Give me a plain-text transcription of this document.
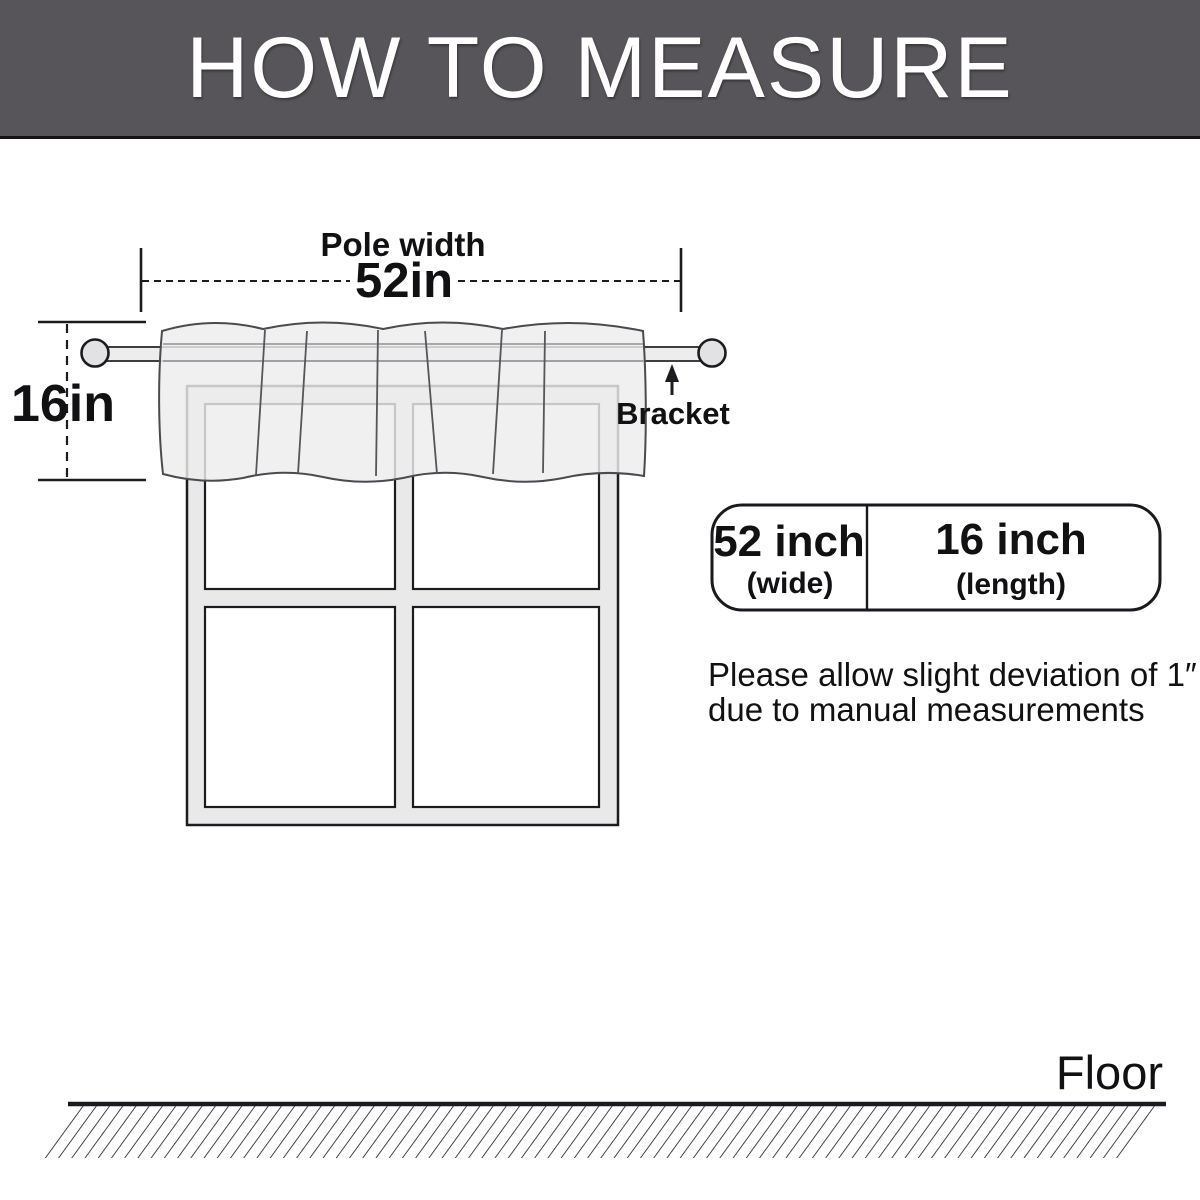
HOW TO MEASURE
Pole width
52in
16in	Bracket
52 inch
(wide)
16 inch
(length)
Please allow slight deviation of 1″
due to manual measurements
Floor
